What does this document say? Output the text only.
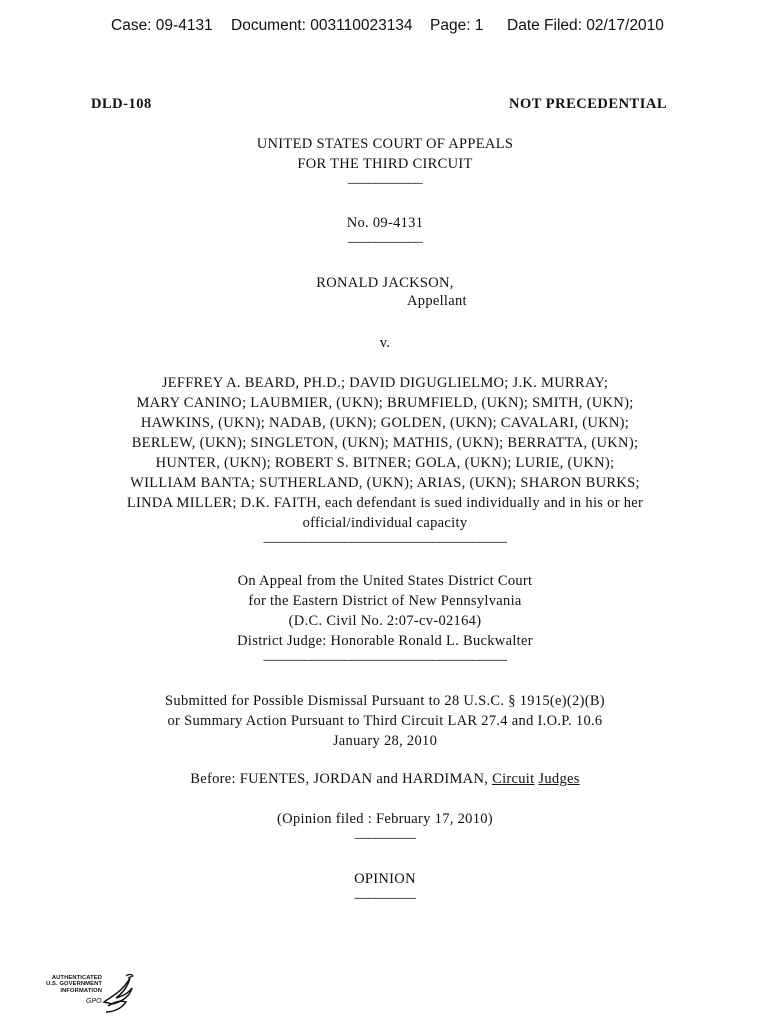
Case: 09-4131 Document: 003110023134 Page: 1 Date Filed: 02/17/2010
DLD-108	NOT PRECEDENTIAL
UNITED STATES COURT OF APPEALS
FOR THE THIRD CIRCUIT
___________
No. 09-4131
___________
RONALD JACKSON,
Appellant
v.
JEFFREY A. BEARD, PH.D.; DAVID DIGUGLIELMO; J.K. MURRAY;
MARY CANINO; LAUBMIER, (UKN); BRUMFIELD, (UKN); SMITH, (UKN);
HAWKINS, (UKN); NADAB, (UKN); GOLDEN, (UKN); CAVALARI, (UKN);
BERLEW, (UKN); SINGLETON, (UKN); MATHIS, (UKN); BERRATTA, (UKN);
HUNTER, (UKN); ROBERT S. BITNER; GOLA, (UKN); LURIE, (UKN);
WILLIAM BANTA; SUTHERLAND, (UKN); ARIAS, (UKN); SHARON BURKS;
LINDA MILLER; D.K. FAITH, each defendant is sued individually and in his or her
official/individual capacity
____________________________________
On Appeal from the United States District Court
for the Eastern District of New Pennsylvania
(D.C. Civil No. 2:07-cv-02164)
District Judge: Honorable Ronald L. Buckwalter
____________________________________
Submitted for Possible Dismissal Pursuant to 28 U.S.C. § 1915(e)(2)(B)
or Summary Action Pursuant to Third Circuit LAR 27.4 and I.O.P. 10.6
January 28, 2010
Before: FUENTES, JORDAN and HARDIMAN, Circuit Judges
(Opinion filed : February 17, 2010)
_________
OPINION
_________
AUTHENTICATED
U.S. GOVERNMENT
INFORMATION
GPO
